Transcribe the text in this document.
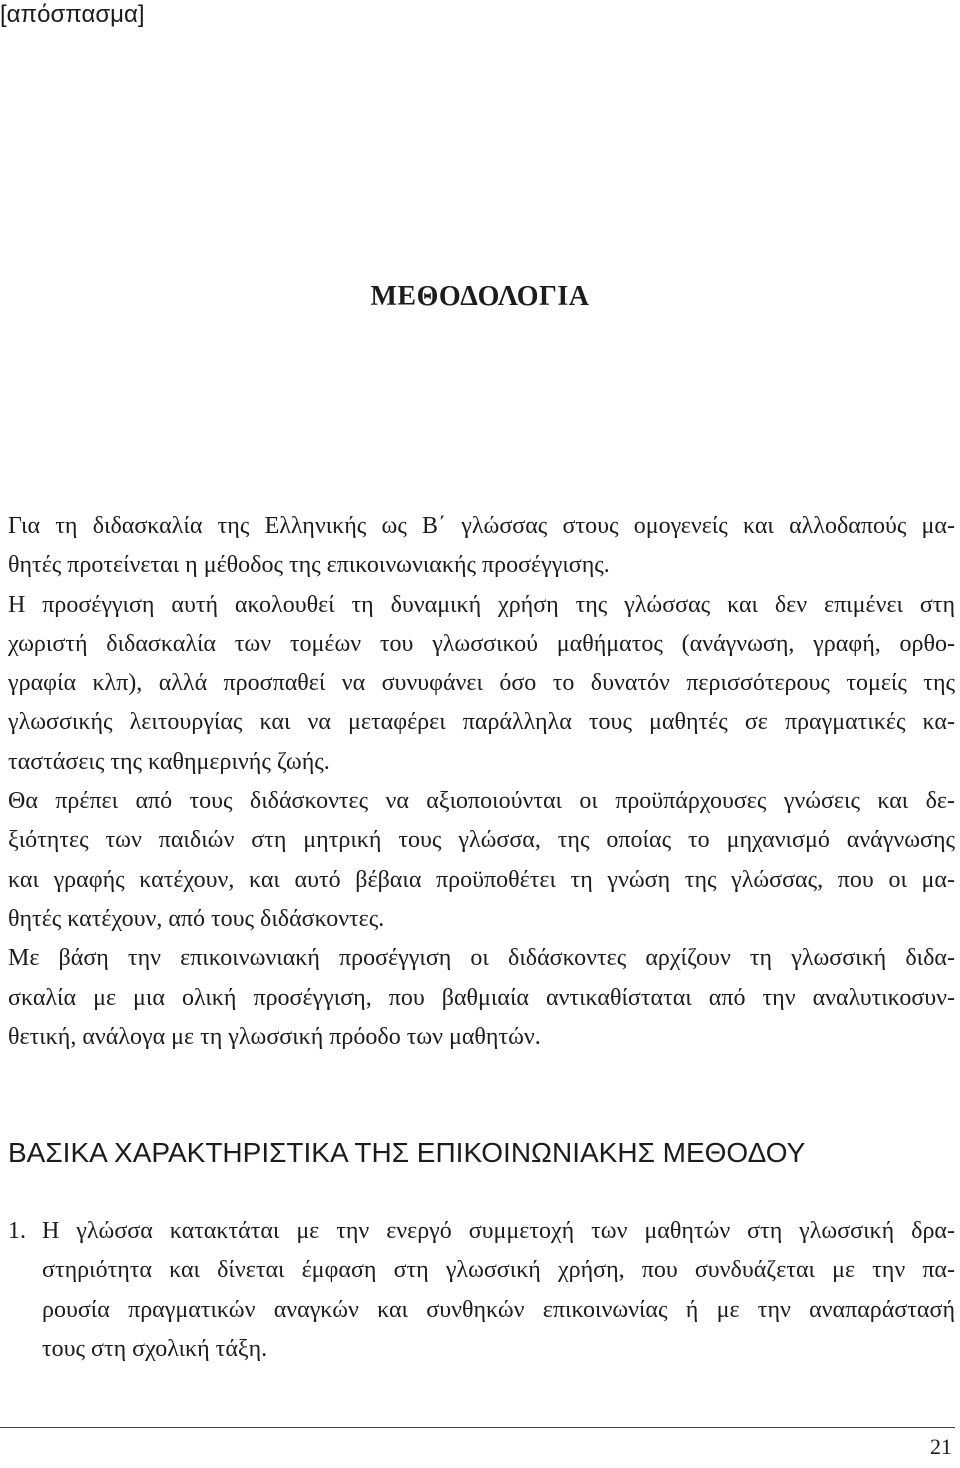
[απόσπασμα]
ΜΕΘΟΔΟΛΟΓΙΑ
Για τη διδασκαλία της Ελληνικής ως Β΄ γλώσσας στους ομογενείς και αλλοδαπούς μα-
θητές προτείνεται η μέθοδος της επικοινωνιακής προσέγγισης.
Η προσέγγιση αυτή ακολουθεί τη δυναμική χρήση της γλώσσας και δεν επιμένει στη
χωριστή διδασκαλία των τομέων του γλωσσικού μαθήματος (ανάγνωση, γραφή, ορθο-
γραφία κλπ), αλλά προσπαθεί να συνυφάνει όσο το δυνατόν περισσότερους τομείς της
γλωσσικής λειτουργίας και να μεταφέρει παράλληλα τους μαθητές σε πραγματικές κα-
ταστάσεις της καθημερινής ζωής.
Θα πρέπει από τους διδάσκοντες να αξιοποιούνται οι προϋπάρχουσες γνώσεις και δε-
ξιότητες των παιδιών στη μητρική τους γλώσσα, της οποίας το μηχανισμό ανάγνωσης
και γραφής κατέχουν, και αυτό βέβαια προϋποθέτει τη γνώση της γλώσσας, που οι μα-
θητές κατέχουν, από τους διδάσκοντες.
Με βάση την επικοινωνιακή προσέγγιση οι διδάσκοντες αρχίζουν τη γλωσσική διδα-
σκαλία με μια ολική προσέγγιση, που βαθμιαία αντικαθίσταται από την αναλυτικοσυν-
θετική, ανάλογα με τη γλωσσική πρόοδο των μαθητών.
ΒΑΣΙΚΑ ΧΑΡΑΚΤΗΡΙΣΤΙΚΑ ΤΗΣ ΕΠΙΚΟΙΝΩΝΙΑΚΗΣ ΜΕΘΟΔΟΥ
1. Η γλώσσα κατακτάται με την ενεργό συμμετοχή των μαθητών στη γλωσσική δρα-
στηριότητα και δίνεται έμφαση στη γλωσσική χρήση, που συνδυάζεται με την πα-
ρουσία πραγματικών αναγκών και συνθηκών επικοινωνίας ή με την αναπαράστασή
τους στη σχολική τάξη.
21
